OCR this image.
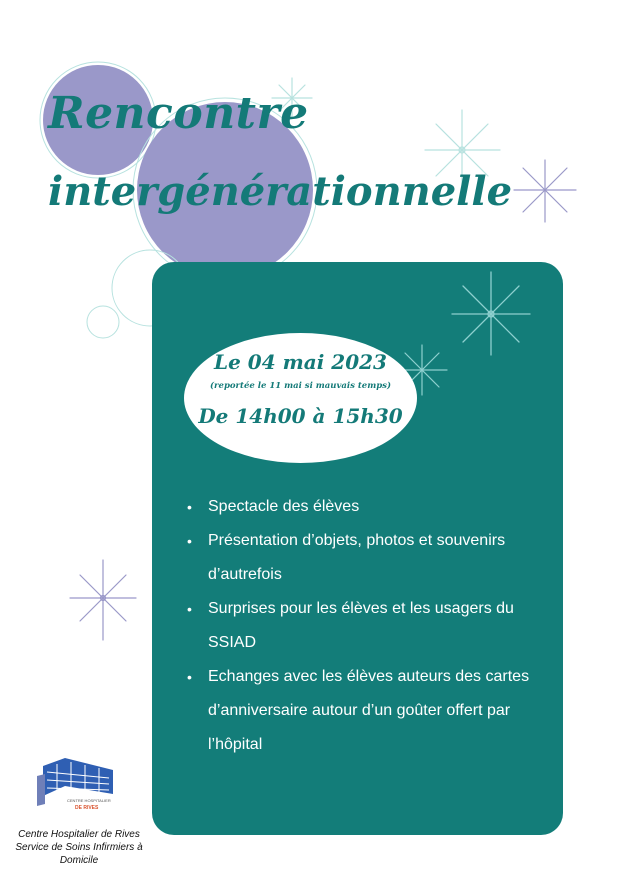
Rencontre
intergénérationnelle

Le 04 mai 2023

(reportée le 11 mai si mauvais temps)

De 14h00 à 15h30

• Spectacle des élèves
• Présentation d’objets, photos et souvenirs d’autrefois
• Surprises pour les élèves et les usagers du SSIAD
• Echanges avec les élèves auteurs des cartes d’anniversaire autour d’un goûter offert par l’hôpital
CENTRE HOSPITALIER
DE RIVES

Centre Hospitalier de Rives
Service de Soins Infirmiers à
Domicile
